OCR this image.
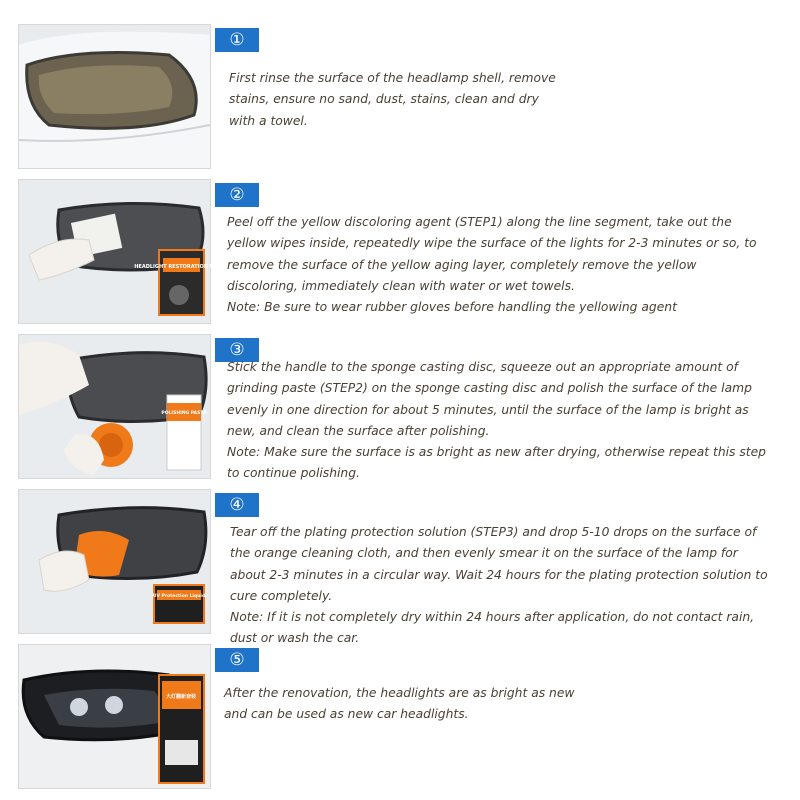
①

First rinse the surface of the headlamp shell, remove stains, ensure no sand, dust, stains, clean and dry with a towel.

HEADLIGHT RESTORATION WIPES
②

Peel off the yellow discoloring agent (STEP1) along the line segment, take out the yellow wipes inside, repeatedly wipe the surface of the lights for 2-3 minutes or so, to remove the surface of the yellow aging layer, completely remove the yellow discoloring, immediately clean with water or wet towels.

Note: Be sure to wear rubber gloves before handling the yellowing agent

POLISHING PASTE
③

Stick the handle to the sponge casting disc, squeeze out an appropriate amount of grinding paste (STEP2) on the sponge casting disc and polish the surface of the lamp evenly in one direction for about 5 minutes, until the surface of the lamp is bright as new, and clean the surface after polishing.

Note: Make sure the surface is as bright as new after drying, otherwise repeat this step to continue polishing.

UV Protection Liquid
④

Tear off the plating protection solution (STEP3) and drop 5-10 drops on the surface of the orange cleaning cloth, and then evenly smear it on the surface of the lamp for about 2-3 minutes in a circular way. Wait 24 hours for the plating protection solution to cure completely.

Note: If it is not completely dry within 24 hours after application, do not contact rain, dust or wash the car.

大灯翻新套装
⑤

After the renovation, the headlights are as bright as new and can be used as new car headlights.
